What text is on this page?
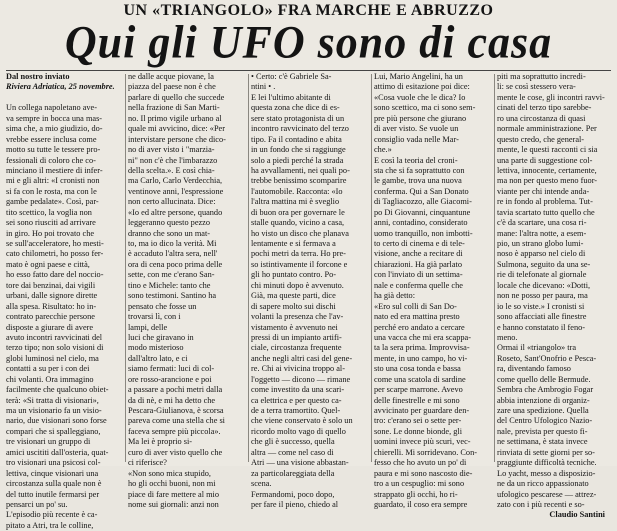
UN «TRIANGOLO» FRA MARCHE E ABRUZZO
Qui gli UFO sono di casa
Dal nostro inviato
Riviera Adriatica, 25 novembre.
Un collega napoletano ave-
va sempre in bocca una mas-
sima che, a mio giudizio, do-
vrebbe essere inclusa come
motto su tutte le tessere pro-
fessionali di coloro che co-
minciano il mestiere di infer-
mi e gli altri: «I cronisti non
si fa con le rosta, ma con le
gambe pedalate». Così, par-
tito scettico, la voglia non
sei sono riusciti ad arrivare
in giro. Ho poi trovato che
se sull'acceleratore, ho mesti-
cato chilometri, ho posso fer-
mato è ogni paese e città,
ho esso fatto dare del noccio-
tore dai benzinai, dai vigili
urbani, dalle signore dirette
alla spesa. Risultato: ho in-
contrato parecchie persone
disposte a giurare di avere
avuto incontri ravvicinati del
terzo tipo; non solo visioni di
globi luminosi nel cielo, ma
contatti a su per i con dei
chi volanti. Ora immagino
facilmente che qualcuno obiet-
terà: «Si tratta di visionari»,
ma un visionario fa un visio-
nario, due visionari sono forse
compari che si spalleggiano,
tre visionari un gruppo di
amici uscititi dall'osteria, quat-
tro visionari una psicosi col-
lettiva, cinque visionari una
circostanza sulla quale non è
del tutto inutile fermarsi per
pensarci un po' su.
L'episodio più recente è ca-
pitato a Atri, tra le colline,
ne dalle acque piovane, la
piazza del paese non è che
parlare di quello che succede
nella frazione di San Marti-
no. Il primo vigile urbano al
quale mi avvicino, dice: «Per
intervistare persone che dico-
no di aver visto i "marzia-
ni" non c'è che l'imbarazzo
della scelta.». E così chia-
ma Carlo, Carlo Verdecchia,
ventinove anni, l'espressione
non certo allucinata. Dice:
«Io ed altre persone, quando
leggeranno questo pezzo
dranno che sono un mat-
to, ma io dico la verità. Mi
è accaduto l'altra sera, nell'
ora di cena poco prima delle
sette, con me c'erano San-
tino e Michele: tanto che
sono testimoni. Santino ha
pensato che fosse un
trovarsi lì, con i
lampi, delle
luci che giravano in
modo misterioso
dall'altro lato, e ci
siamo fermati: luci di col-
ore rosso-arancione e poi
a passare a pochi metri dalla
da di nè, e mi ha detto che
Pescara-Giulianova, è scorsa
pareva come una stella che si
faceva sempre più piccola».
Ma lei è proprio si-
curo di aver visto quello che
ci riferisce?
«Non sono mica stupido,
ho gli occhi buoni, non mi
piace di fare mettere al mio
nome sui giornali: anzi non
• Certo: c'è Gabriele Sa-
ntini • .
E lei l'ultimo abitante di
questa zona che dice di es-
sere stato protagonista di un
incontro ravvicinato del terzo
tipo. Fa il contadino e abita
in un fondo che si raggiunge
solo a piedi perché la strada
ha avvallamenti, nei quali po-
trebbe benissimo scomparire
l'automobile. Racconta: «Io
l'altra mattina mi è sveglio
di buon ora per governare le
stalle quando, vicino a casa,
ho visto un disco che planava
lentamente e si fermava a
pochi metri da terra. Ho pre-
so istintivamente il forcone e
gli ho puntato contro. Po-
chi minuti dopo è avvenuto.
Già, ma queste parti, dice
di sapere molto sui dischi
volanti la presenza che l'av-
vistamento è avvenuto nei
pressi di un impianto artifi-
ciale, circostanza frequente
anche negli altri casi del gene-
re. Chi ai vivicina troppo al-
l'oggetto — dicono — rimane
come investito da una scari-
ca elettrica e per questo ca-
de a terra tramortito. Quel-
che viene conservato è solo un
ricordo molto vago di quello
che gli è successo, quella
altra — come nel caso di
Atri — una visione abbastan-
za particolareggiata della
scena.
Fermandomi, poco dopo,
per fare il pieno, chiedo al
Lui, Mario Angelini, ha un
attimo di esitazione poi dice:
«Cosa vuole che le dica? Io
sono scettico, ma ci sono sem-
pre più persone che giurano
di aver visto. Se vuole un
consiglio vada nelle Mar-
che.»
E così la teoria del croni-
sta che si fa soprattutto con
le gambe, trova una nuova
conferma. Qui a San Donato
di Tagliacozzo, alle Giacomi-
po Di Giovanni, cinquantune
anni, contadino, considerato
uomo tranquillo, non imbotti-
to certo di cinema e di tele-
visione, anche a recitare di
chiarazioni. Ha già parlato
con l'inviato di un settima-
nale e conferma quelle che
ha già detto:
«Ero sul colli di San Do-
nato ed era mattina presto
perché ero andato a cercare
una vacca che mi era scappa-
ta la sera prima. Improvvisa-
mente, in uno campo, ho vi-
sto una cosa tonda e bassa
come una scatola di sardine
per scarpe marrone. Avevo
delle finestrelle e mi sono
avvicinato per guardare den-
tro: c'erano sei o sette per-
sone. Le donne bionde, gli
uomini invece più scuri, vec-
chierelli. Mi sorridevano. Con-
fesso che ho avuto un po' di
paura e mi sono nascosto die-
tro a un cespuglio: mi sono
strappato gli occhi, ho ri-
guardato, il coso era sempre
piti ma soprattutto incredi-
li: se così stessero vera-
mente le cose, gli incontri ravvi-
cinati del terzo tipo sarebbe-
ro una circostanza di quasi
normale amministrazione. Per
questo credo, che general-
mente, le questi racconti ci sia
una parte di suggestione col-
lettiva, innocente, certamente,
ma non per questo meno fuor-
viante per chi intende anda-
re in fondo al problema. Tut-
tavia scartato tutto quello che
c'è da scartare, una cosa ri-
mane: l'altra notte, a esem-
pio, un strano globo lumi-
noso è apparso nel cielo di
Sulmona, seguito da una se-
rie di telefonate al giornale
locale che dicevano: «Dotti,
non ne posso per paura, ma
io le so viste.» I cronisti si
sono affacciati alle finestre
e hanno constatato il feno-
meno.
Ormai il «triangolo» tra
Roseto, Sant'Onofrio e Pesca-
ra, diventando famoso
come quello delle Bermude.
Sembra che Ambrogio Fogar
abbia intenzione di organiz-
zare una spedizione. Quella
del Centro Ufologico Nazio-
nale, prevista per questo fi-
ne settimana, è stata invece
rinviata di sette giorni per so-
praggiunte difficoltà tecniche.
Lo yacht, messo a disposizio-
ne da un ricco appassionato
ufologico pescarese — attrez-
zato con i più recenti e so-
Claudio Santini
